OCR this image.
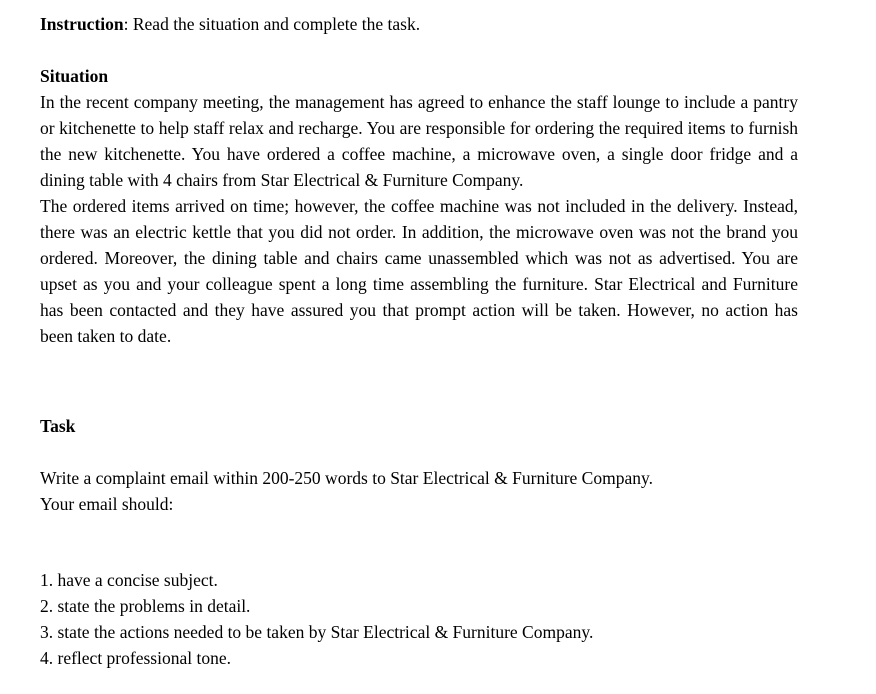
Instruction: Read the situation and complete the task.

Situation

In the recent company meeting, the management has agreed to enhance the staff lounge to include a pantry or kitchenette to help staff relax and recharge. You are responsible for ordering the required items to furnish the new kitchenette. You have ordered a coffee machine, a microwave oven, a single door fridge and a dining table with 4 chairs from Star Electrical & Furniture Company.

The ordered items arrived on time; however, the coffee machine was not included in the delivery. Instead, there was an electric kettle that you did not order. In addition, the microwave oven was not the brand you ordered. Moreover, the dining table and chairs came unassembled which was not as advertised. You are upset as you and your colleague spent a long time assembling the furniture. Star Electrical and Furniture has been contacted and they have assured you that prompt action will be taken. However, no action has been taken to date.

Task

Write a complaint email within 200-250 words to Star Electrical & Furniture Company.

Your email should:

1. have a concise subject.
2. state the problems in detail.
3. state the actions needed to be taken by Star Electrical & Furniture Company.
4. reflect professional tone.
